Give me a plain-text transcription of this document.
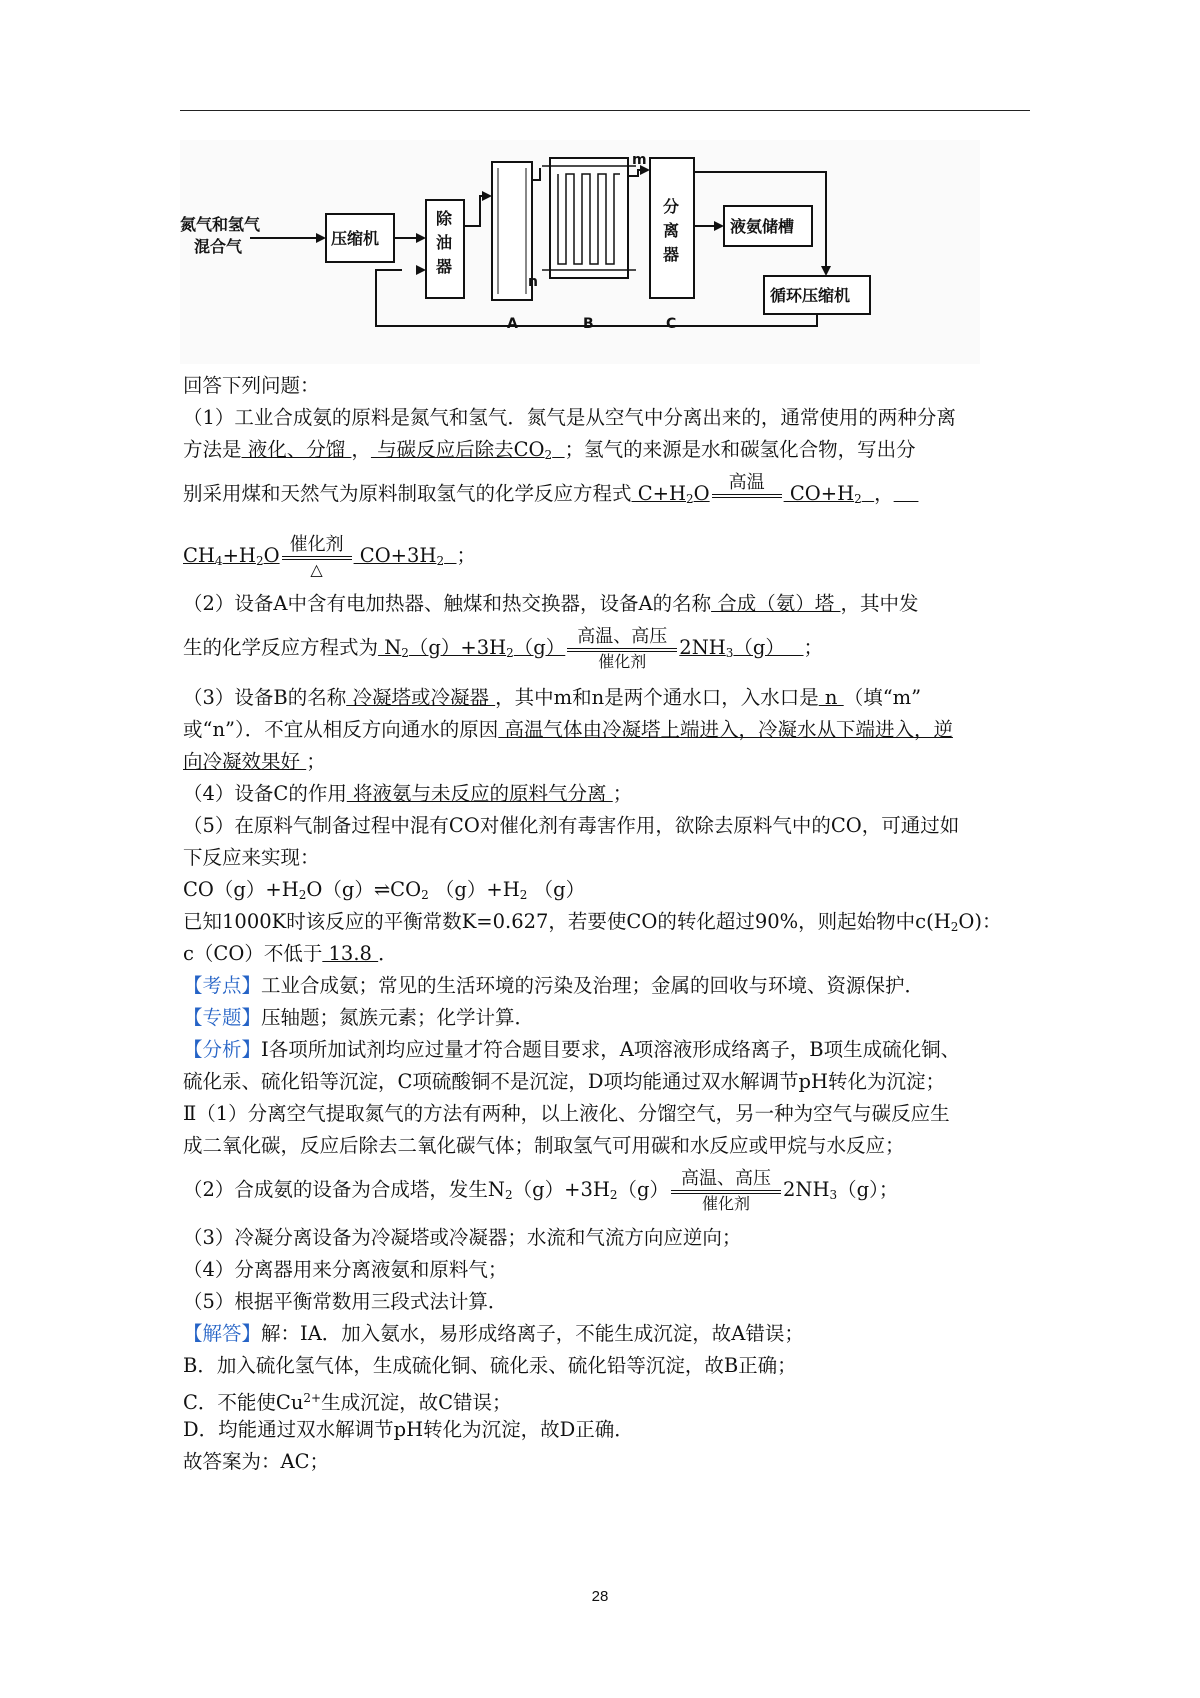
氮气和氢气
混合气	压缩机
除
油
器
A
m
n
B
分
离
器
C
液氨储槽
循环压缩机
回答下列问题：
（1）工业合成氨的原料是氮气和氢气．氮气是从空气中分离出来的，通常使用的两种分离
方法是 液化、分馏 ， 与碳反应后除去$CO_2$ ；氢气的来源是水和碳氢化合物，写出分
别采用煤和天然气为原料制取氢气的化学反应方程式 $C+H_2O$	高温
$CO+H_2$ ，
$CH_4+H_2O$ 催化剂
△
$CO+3H_2$ ；
（2）设备A中含有电加热器、触煤和热交换器，设备A的名称 合成（氨）塔 ，其中发
生的化学反应方程式为 $N_2(g)+3H_2(g)$ 高温、高压
催化剂
$2NH_3(g)$   ；
（3）设备B的名称 冷凝塔或冷凝器 ，其中m和n是两个通水口，入水口是 n （填“m”
或“n”）．不宜从相反方向通水的原因 高温气体由冷凝塔上端进入，冷凝水从下端进入，逆
向冷凝效果好 ；
（4）设备C的作用 将液氨与未反应的原料气分离 ；
（5）在原料气制备过程中混有CO对催化剂有毒害作用，欲除去原料气中的CO，可通过如
下反应来实现：
$CO(g)+H_2O(g)\rightleftharpoons CO_2$ $(g)+H_2$ （g）
已知1000K时该反应的平衡常数K=0.627，若要使CO的转化超过90%，则起始物中$c(H_2O)$：
c（CO）不低于 13.8 ．
【考点】工业合成氨；常见的生活环境的污染及治理；金属的回收与环境、资源保护．
【专题】压轴题；氮族元素；化学计算．
【分析】Ⅰ各项所加试剂均应过量才符合题目要求，A项溶液形成络离子，B项生成硫化铜、
硫化汞、硫化铅等沉淀，C项硫酸铜不是沉淀，D项均能通过双水解调节pH转化为沉淀；
Ⅱ（1）分离空气提取氮气的方法有两种，以上液化、分馏空气，另一种为空气与碳反应生
成二氧化碳，反应后除去二氧化碳气体；制取氢气可用碳和水反应或甲烷与水反应；
（2）合成氨的设备为合成塔，发生$N_2(g)+3H_2(g)$ 高温、高压
催化剂
$2NH_3(g)$；
（3）冷凝分离设备为冷凝塔或冷凝器；水流和气流方向应逆向；
（4）分离器用来分离液氨和原料气；
（5）根据平衡常数用三段式法计算．
【解答】解：ⅠA．加入氨水，易形成络离子，不能生成沉淀，故A错误；
B．加入硫化氢气体，生成硫化铜、硫化汞、硫化铅等沉淀，故B正确；
C．不能使$Cu^{2+}$生成沉淀，故C错误；
D．均能通过双水解调节pH转化为沉淀，故D正确．
故答案为：AC；
28
